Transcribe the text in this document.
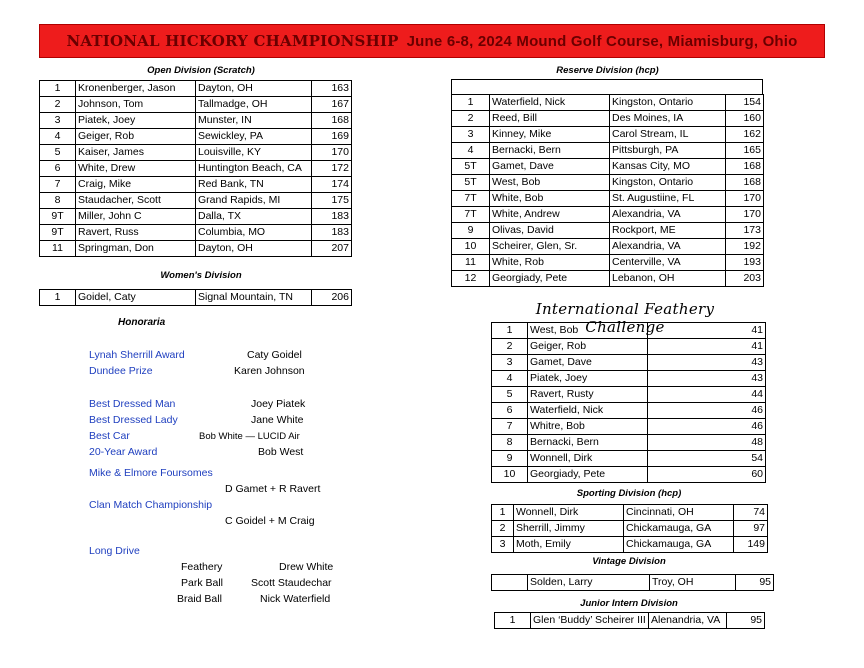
NATIONAL HICKORY CHAMPIONSHIP June 6-8, 2024 Mound Golf Course, Miamisburg, Ohio
Open Division (Scratch)
1	Kronenberger, Jason	Dayton, OH	163
2	Johnson, Tom	Tallmadge, OH	167
3	Piatek, Joey	Munster, IN	168
4	Geiger, Rob	Sewickley, PA	169
5	Kaiser, James	Louisville, KY	170
6	White, Drew	Huntington Beach, CA	172
7	Craig, Mike	Red Bank, TN	174
8	Staudacher, Scott	Grand Rapids, MI	175
9T	Miller, John C	Dalla, TX	183
9T	Ravert, Russ	Columbia, MO	183
11	Springman, Don	Dayton, OH	207
Women's Division
1	Goidel, Caty	Signal Mountain, TN	206
Honoraria
Lynah Sherrill Award	Caty Goidel
Dundee Prize	Karen Johnson
Best Dressed Man	Joey Piatek
Best Dressed Lady	Jane White
Best Car	Bob White — LUCID Air
20-Year Award	Bob West
Mike & Elmore Foursomes
D Gamet + R Ravert
Clan Match Championship
C Goidel + M Craig
Long Drive
Feathery	Drew White
Park Ball	Scott Staudechar
Braid Ball	Nick Waterfield
Reserve Division (hcp)
1	Waterfield, Nick	Kingston, Ontario	154
2	Reed, Bill	Des Moines, IA	160
3	Kinney, Mike	Carol Stream, IL	162
4	Bernacki, Bern	Pittsburgh, PA	165
5T	Gamet, Dave	Kansas City, MO	168
5T	West, Bob	Kingston, Ontario	168
7T	White, Bob	St. Augustiine, FL	170
7T	White, Andrew	Alexandria, VA	170
9	Olivas, David	Rockport, ME	173
10	Scheirer, Glen, Sr.	Alexandria, VA	192
11	White, Rob	Centerville, VA	193
12	Georgiady, Pete	Lebanon, OH	203
International Feathery Challenge
1	West, Bob	41
2	Geiger, Rob	41
3	Gamet, Dave	43
4	Piatek, Joey	43
5	Ravert, Rusty	44
6	Waterfield, Nick	46
7	Whitre, Bob	46
8	Bernacki, Bern	48
9	Wonnell, Dirk	54
10	Georgiady, Pete	60
Sporting Division (hcp)
1	Wonnell, Dirk	Cincinnati, OH	74
2	Sherrill, Jimmy	Chickamauga, GA	97
3	Moth, Emily	Chickamauga, GA	149
Vintage Division
	Solden, Larry	Troy, OH	95
Junior Intern Division
1	Glen ‘Buddy’ Scheirer III	Alenandria, VA	95
